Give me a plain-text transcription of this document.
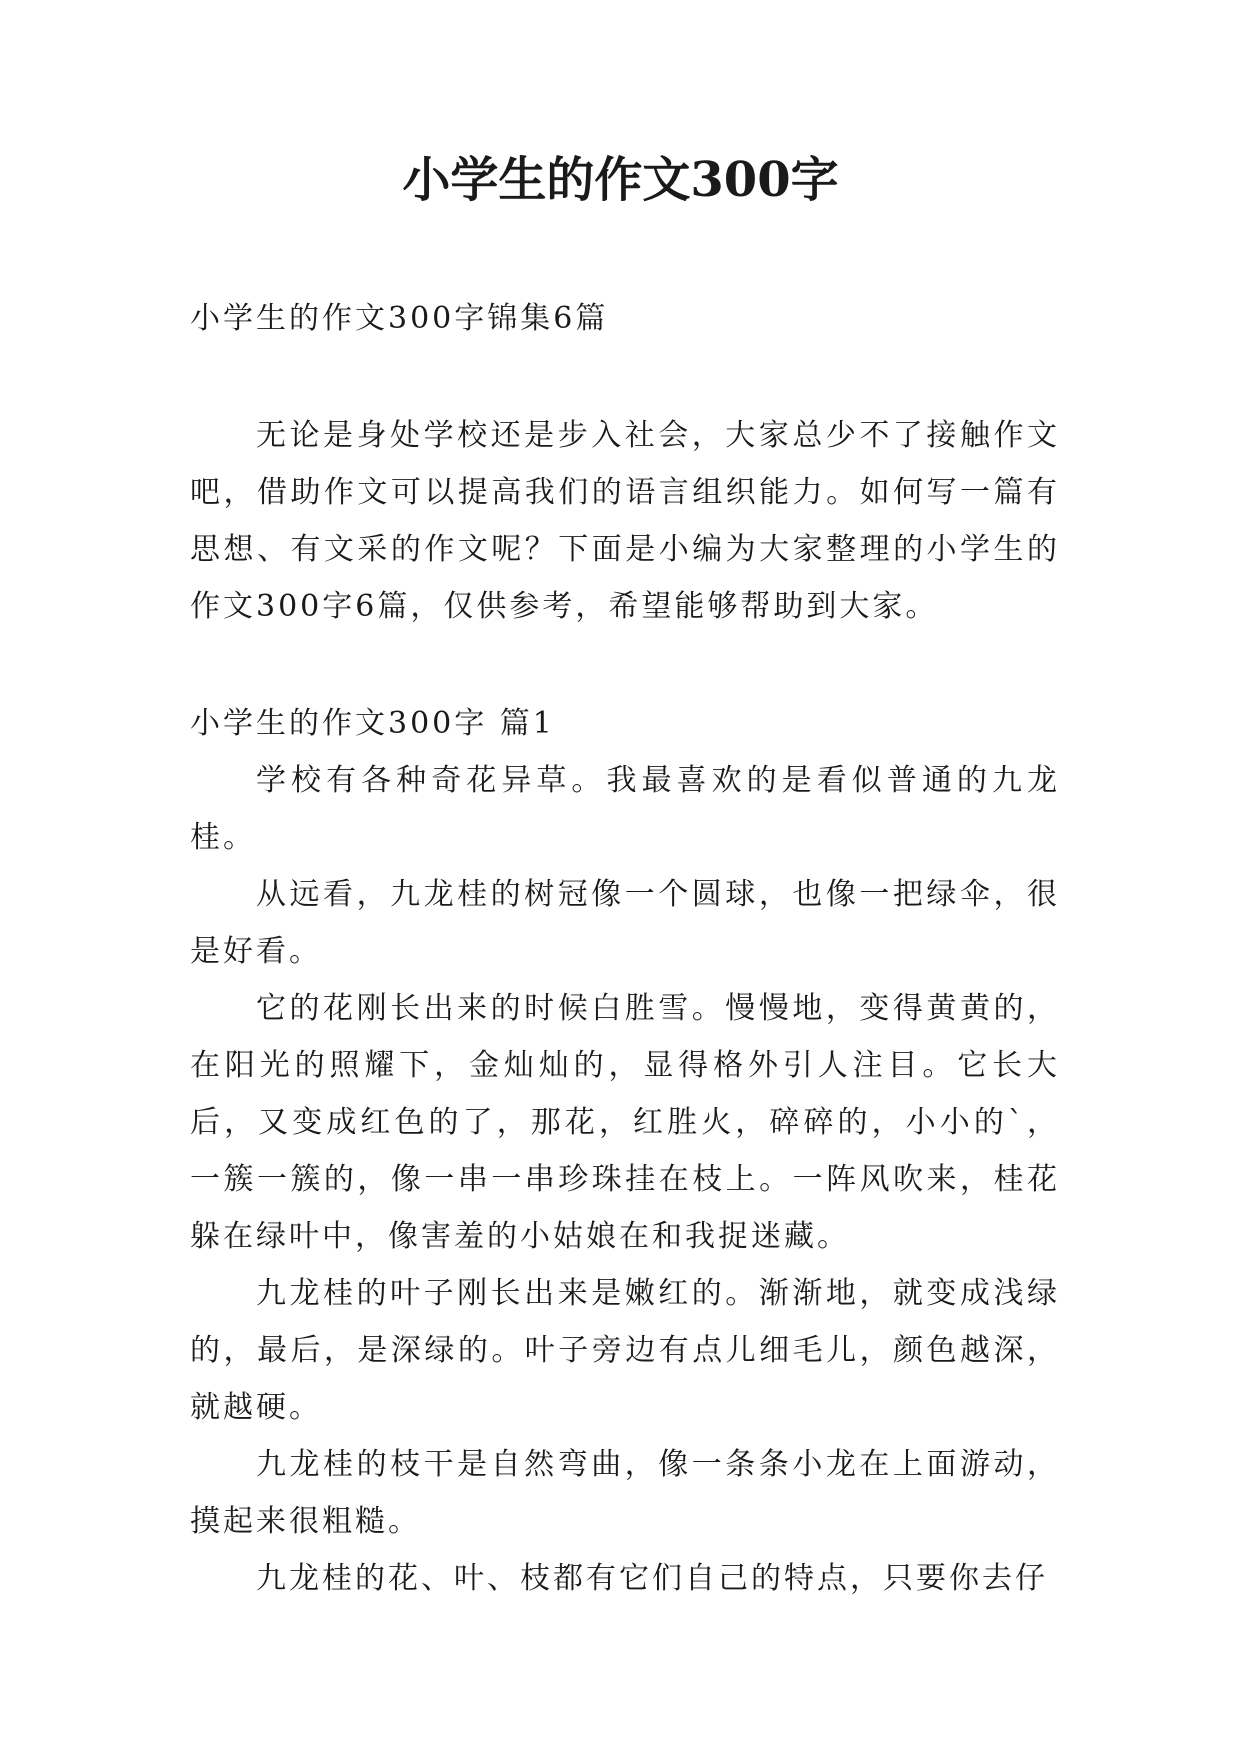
小学生的作文300字

小学生的作文300字锦集6篇

无论是身处学校还是步入社会，大家总少不了接触作文吧，借助作文可以提高我们的语言组织能力。如何写一篇有思想、有文采的作文呢？下面是小编为大家整理的小学生的作文300字6篇，仅供参考，希望能够帮助到大家。

小学生的作文300字 篇1

学校有各种奇花异草。我最喜欢的是看似普通的九龙桂。

从远看，九龙桂的树冠像一个圆球，也像一把绿伞，很是好看。

它的花刚长出来的时候白胜雪。慢慢地，变得黄黄的，在阳光的照耀下，金灿灿的，显得格外引人注目。它长大后，又变成红色的了，那花，红胜火，碎碎的，小小的`，一簇一簇的，像一串一串珍珠挂在枝上。一阵风吹来，桂花躲在绿叶中，像害羞的小姑娘在和我捉迷藏。

九龙桂的叶子刚长出来是嫩红的。渐渐地，就变成浅绿的，最后，是深绿的。叶子旁边有点儿细毛儿，颜色越深，就越硬。

九龙桂的枝干是自然弯曲，像一条条小龙在上面游动，摸起来很粗糙。

九龙桂的花、叶、枝都有它们自己的特点，只要你去仔
